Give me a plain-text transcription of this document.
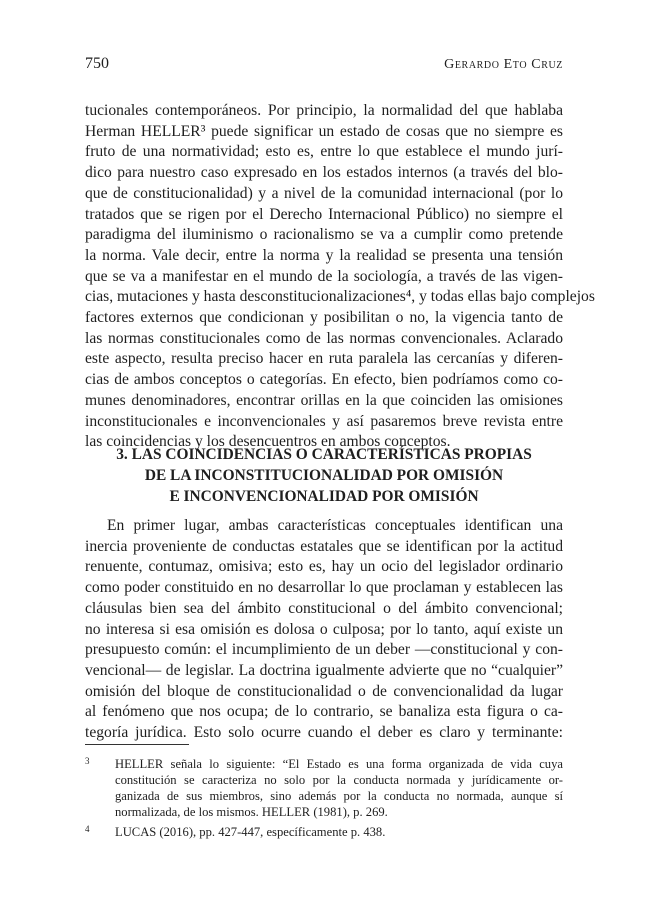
750	Gerardo Eto Cruz
tucionales contemporáneos. Por principio, la normalidad del que hablaba
Herman HELLER³ puede significar un estado de cosas que no siempre es
fruto de una normatividad; esto es, entre lo que establece el mundo jurí-
dico para nuestro caso expresado en los estados internos (a través del blo-
que de constitucionalidad) y a nivel de la comunidad internacional (por lo
tratados que se rigen por el Derecho Internacional Público) no siempre el
paradigma del iluminismo o racionalismo se va a cumplir como pretende
la norma. Vale decir, entre la norma y la realidad se presenta una tensión
que se va a manifestar en el mundo de la sociología, a través de las vigen-
cias, mutaciones y hasta desconstitucionalizaciones⁴, y todas ellas bajo complejos
factores externos que condicionan y posibilitan o no, la vigencia tanto de
las normas constitucionales como de las normas convencionales. Aclarado
este aspecto, resulta preciso hacer en ruta paralela las cercanías y diferen-
cias de ambos conceptos o categorías. En efecto, bien podríamos como co-
munes denominadores, encontrar orillas en la que coinciden las omisiones
inconstitucionales e inconvencionales y así pasaremos breve revista entre
las coincidencias y los desencuentros en ambos conceptos.
3. LAS COINCIDENCIAS O CARACTERÍSTICAS PROPIAS
DE LA INCONSTITUCIONALIDAD POR OMISIÓN
E INCONVENCIONALIDAD POR OMISIÓN
En primer lugar, ambas características conceptuales identifican una
inercia proveniente de conductas estatales que se identifican por la actitud
renuente, contumaz, omisiva; esto es, hay un ocio del legislador ordinario
como poder constituido en no desarrollar lo que proclaman y establecen las
cláusulas bien sea del ámbito constitucional o del ámbito convencional;
no interesa si esa omisión es dolosa o culposa; por lo tanto, aquí existe un
presupuesto común: el incumplimiento de un deber —constitucional y con-
vencional— de legislar. La doctrina igualmente advierte que no “cualquier”
omisión del bloque de constitucionalidad o de convencionalidad da lugar
al fenómeno que nos ocupa; de lo contrario, se banaliza esta figura o ca-
tegoría jurídica. Esto solo ocurre cuando el deber es claro y terminante:
3 HELLER señala lo siguiente: “El Estado es una forma organizada de vida cuya
constitución se caracteriza no solo por la conducta normada y jurídicamente or-
ganizada de sus miembros, sino además por la conducta no normada, aunque sí
normalizada, de los mismos. HELLER (1981), p. 269.
4 LUCAS (2016), pp. 427-447, específicamente p. 438.
